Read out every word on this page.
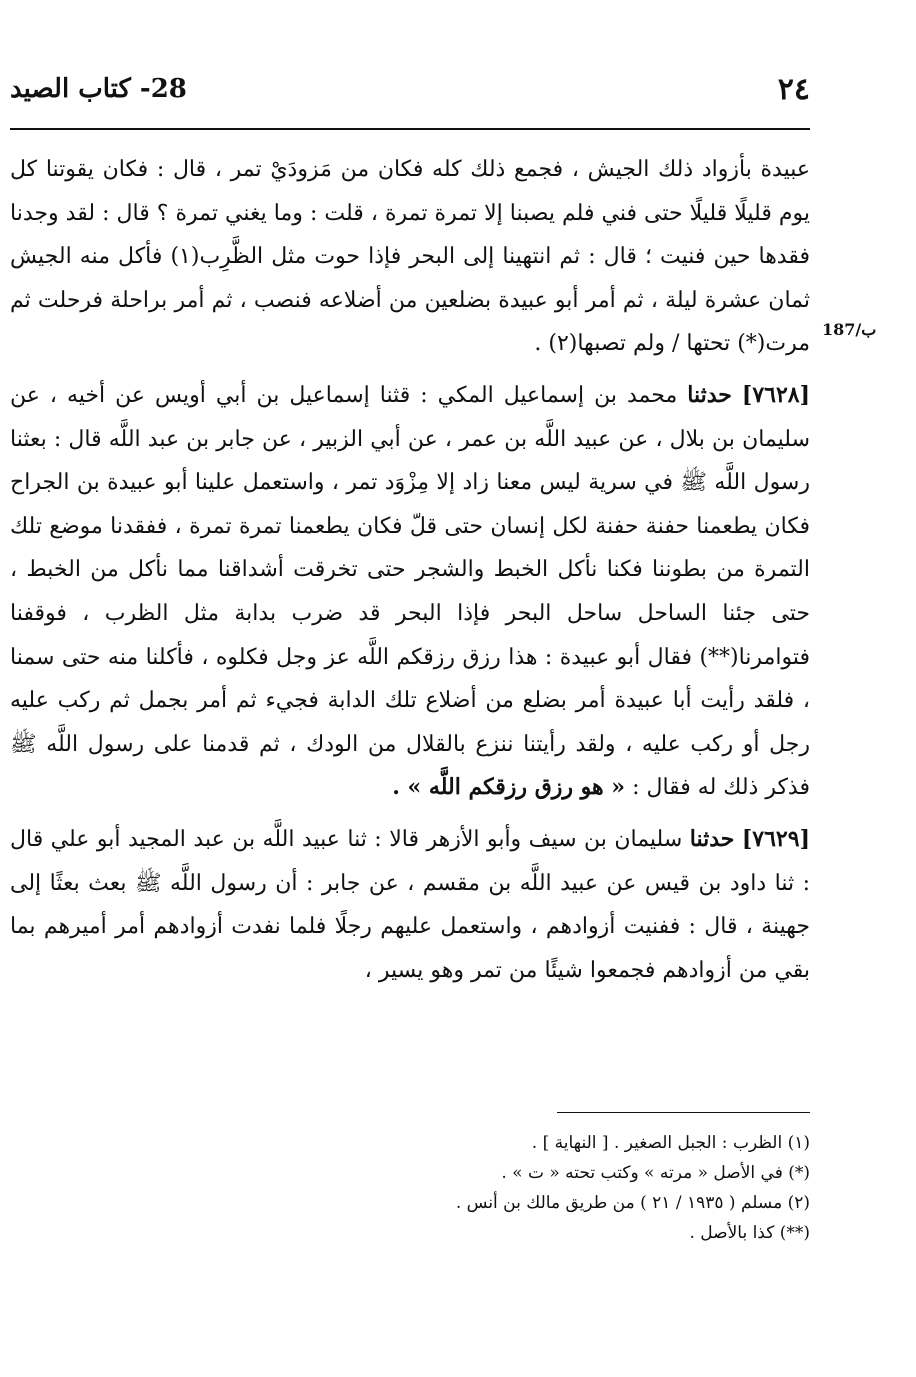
٢٤
28- كتاب الصيد

عبيدة بأزواد ذلك الجيش ، فجمع ذلك كله فكان من مَزودَيْ تمر ، قال : فكان يقوتنا كل يوم قليلًا قليلًا حتى فني فلم يصبنا إلا تمرة تمرة ، قلت : وما يغني تمرة ؟ قال : لقد وجدنا فقدها حين فنيت ؛ قال : ثم انتهينا إلى البحر فإذا حوت مثل الظَّرِب(١) فأكل منه الجيش ثمان عشرة ليلة ، ثم أمر أبو عبيدة بضلعين من أضلاعه فنصب ، ثم أمر براحلة فرحلت ثم مرت(*) تحتها / ولم تصبها(٢) .

[٧٦٢٨] حدثنا محمد بن إسماعيل المكي : قثنا إسماعيل بن أبي أويس عن أخيه ، عن سليمان بن بلال ، عن عبيد اللَّه بن عمر ، عن أبي الزبير ، عن جابر بن عبد اللَّه قال : بعثنا رسول اللَّه ﷺ في سرية ليس معنا زاد إلا مِزْوَد تمر ، واستعمل علينا أبو عبيدة بن الجراح فكان يطعمنا حفنة حفنة لكل إنسان حتى قلّ فكان يطعمنا تمرة تمرة ، ففقدنا موضع تلك التمرة من بطوننا فكنا نأكل الخبط والشجر حتى تخرقت أشداقنا مما نأكل من الخبط ، حتى جئنا الساحل ساحل البحر فإذا البحر قد ضرب بدابة مثل الظرب ، فوقفنا فتوامرنا(**) فقال أبو عبيدة : هذا رزق رزقكم اللَّه عز وجل فكلوه ، فأكلنا منه حتى سمنا ، فلقد رأيت أبا عبيدة أمر بضلع من أضلاع تلك الدابة فجيء ثم أمر بجمل ثم ركب عليه رجل أو ركب عليه ، ولقد رأيتنا ننزع بالقلال من الودك ، ثم قدمنا على رسول اللَّه ﷺ فذكر ذلك له فقال : « هو رزق رزقكم اللَّه » .

[٧٦٢٩] حدثنا سليمان بن سيف وأبو الأزهر قالا : ثنا عبيد اللَّه بن عبد المجيد أبو علي قال : ثنا داود بن قيس عن عبيد اللَّه بن مقسم ، عن جابر : أن رسول اللَّه ﷺ بعث بعثًا إلى جهينة ، قال : ففنيت أزوادهم ، واستعمل عليهم رجلًا فلما نفدت أزوادهم أمر أميرهم بما بقي من أزوادهم فجمعوا شيئًا من تمر وهو يسير ،

187/ب

(١) الظرب : الجبل الصغير . [ النهاية ] .

(*) في الأصل « مرته » وكتب تحته « ت » .

(٢) مسلم ( ١٩٣٥ / ٢١ ) من طريق مالك بن أنس .

(**) كذا بالأصل .
